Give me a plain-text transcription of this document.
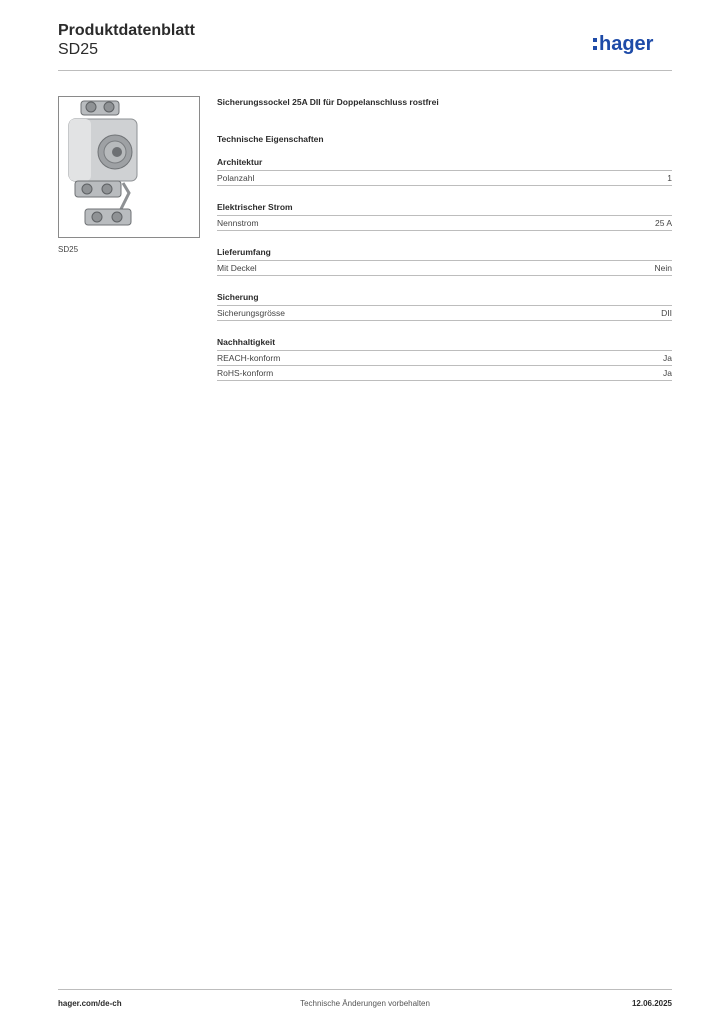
Produktdatenblatt
SD25	hager
SD25
Sicherungssockel 25A DII für Doppelanschluss rostfrei
Technische Eigenschaften
Architektur
Polanzahl	1
Elektrischer Strom
Nennstrom	25 A
Lieferumfang
Mit Deckel	Nein
Sicherung
Sicherungsgrösse	DII
Nachhaltigkeit
REACH-konform	Ja
RoHS-konform	Ja
hager.com/de-ch	Technische Änderungen vorbehalten	12.06.2025
